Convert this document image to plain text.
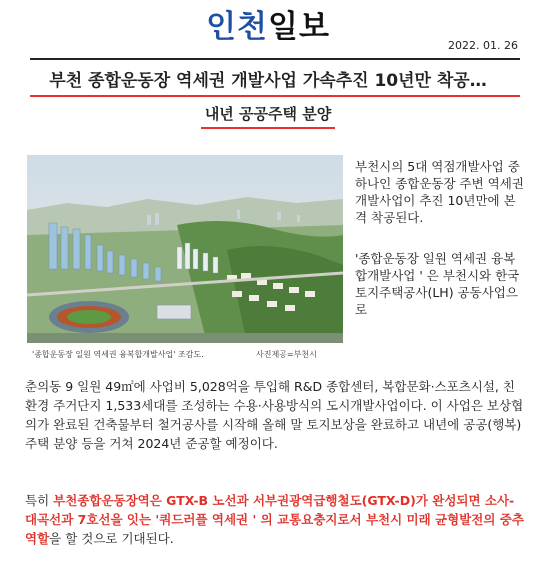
인천일보
2022. 01. 26
부천 종합운동장 역세권 개발사업 가속추진 10년만 착공…
내년 공공주택 분양
'종합운동장 일원 역세권 융복합개발사업' 조감도.	사진제공=부천시

부천시의 5대 역점개발사업 중 하나인 종합운동장 주변 역세권 개발사업이 추진 10년만에 본격 착공된다.

'종합운동장 일원 역세권 융복합개발사업 ' 은 부천시와 한국토지주택공사(LH) 공동사업으로

춘의동 9 일원 49㎡에 사업비 5,028억을 투입해 R&D 종합센터, 복합문화·스포츠시설, 친환경 주거단지 1,533세대를 조성하는 수용·사용방식의 도시개발사업이다. 이 사업은 보상협의가 완료된 건축물부터 철거공사를 시작해 올해 말 토지보상을 완료하고 내년에 공공(행복)주택 분양 등을 거쳐 2024년 준공할 예정이다.
특히 부천종합운동장역은 GTX-B 노선과 서부권광역급행철도(GTX-D)가 완성되면 소사-대곡선과 7호선을 잇는 '쿼드러플 역세권 ' 의 교통요충지로서 부천시 미래 균형발전의 중추 역할을 할 것으로 기대된다.
